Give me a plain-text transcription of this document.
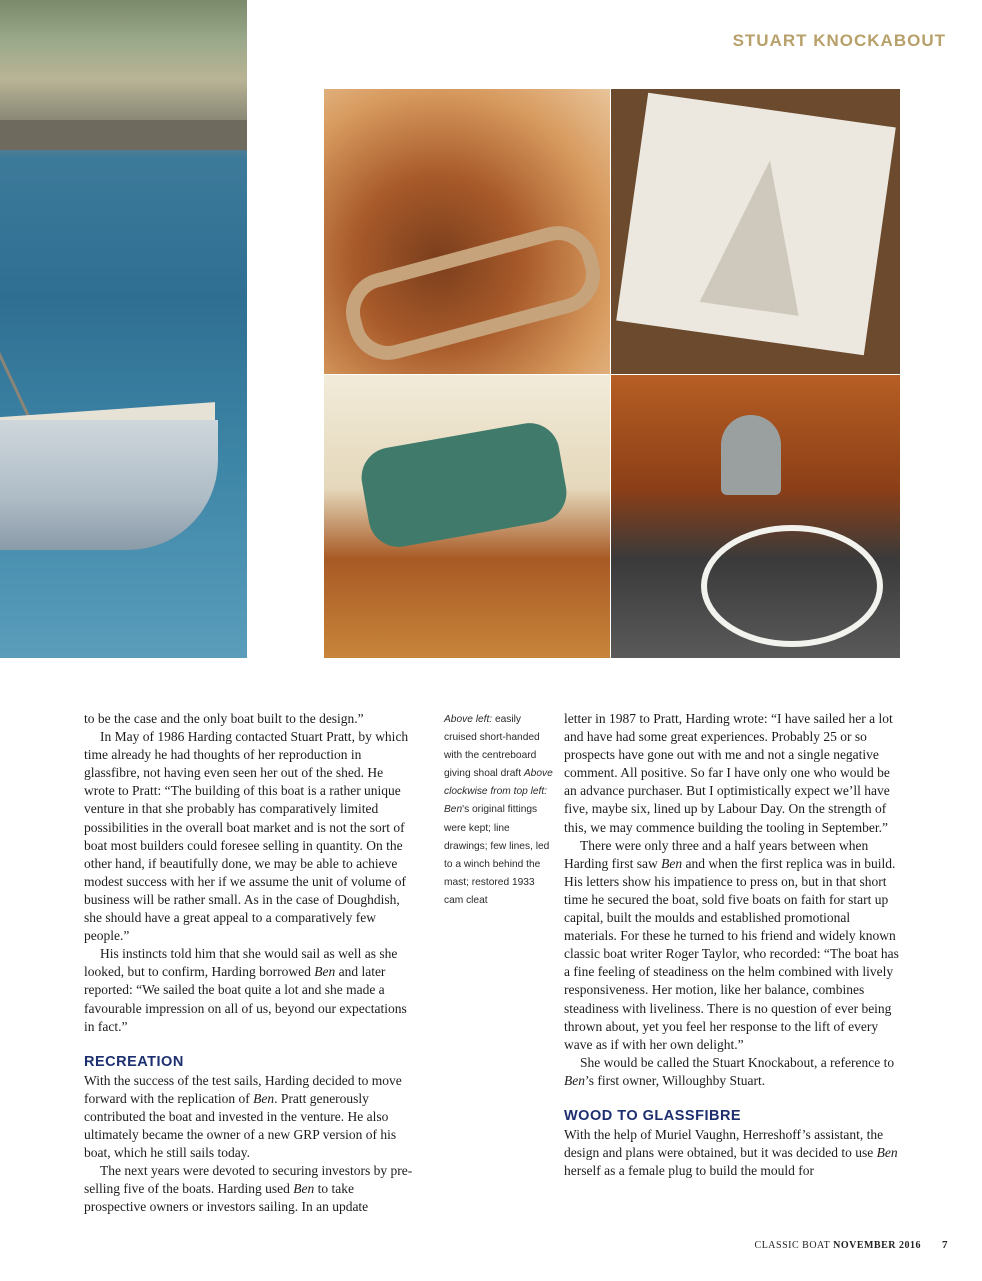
STUART KNOCKABOUT

to be the case and the only boat built to the design.”

In May of 1986 Harding contacted Stuart Pratt, by which time already he had thoughts of her reproduction in glassfibre, not having even seen her out of the shed. He wrote to Pratt: “The building of this boat is a rather unique venture in that she probably has comparatively limited possibilities in the overall boat market and is not the sort of boat most builders could foresee selling in quantity. On the other hand, if beautifully done, we may be able to achieve modest success with her if we assume the unit of volume of business will be rather small. As in the case of Doughdish, she should have a great appeal to a comparatively few people.”

His instincts told him that she would sail as well as she looked, but to confirm, Harding borrowed Ben and later reported: “We sailed the boat quite a lot and she made a favourable impression on all of us, beyond our expectations in fact.”

RECREATION

With the success of the test sails, Harding decided to move forward with the replication of Ben. Pratt generously contributed the boat and invested in the venture. He also ultimately became the owner of a new GRP version of his boat, which he still sails today.

The next years were devoted to securing investors by pre-selling five of the boats. Harding used Ben to take prospective owners or investors sailing. In an update

Above left: easily cruised short-handed with the centreboard giving shoal draft Above clockwise from top left: Ben's original fittings were kept; line drawings; few lines, led to a winch behind the mast; restored 1933 cam cleat

letter in 1987 to Pratt, Harding wrote: “I have sailed her a lot and have had some great experiences. Probably 25 or so prospects have gone out with me and not a single negative comment. All positive. So far I have only one who would be an advance purchaser. But I optimistically expect we’ll have five, maybe six, lined up by Labour Day. On the strength of this, we may commence building the tooling in September.”

There were only three and a half years between when Harding first saw Ben and when the first replica was in build. His letters show his impatience to press on, but in that short time he secured the boat, sold five boats on faith for start up capital, built the moulds and established promotional materials. For these he turned to his friend and widely known classic boat writer Roger Taylor, who recorded: “The boat has a fine feeling of steadiness on the helm combined with lively responsiveness. Her motion, like her balance, combines steadiness with liveliness. There is no question of ever being thrown about, yet you feel her response to the lift of every wave as if with her own delight.”

She would be called the Stuart Knockabout, a reference to Ben’s first owner, Willoughby Stuart.

WOOD TO GLASSFIBRE

With the help of Muriel Vaughn, Herreshoff’s assistant, the design and plans were obtained, but it was decided to use Ben herself as a female plug to build the mould for

CLASSIC BOAT NOVEMBER 2016 7
